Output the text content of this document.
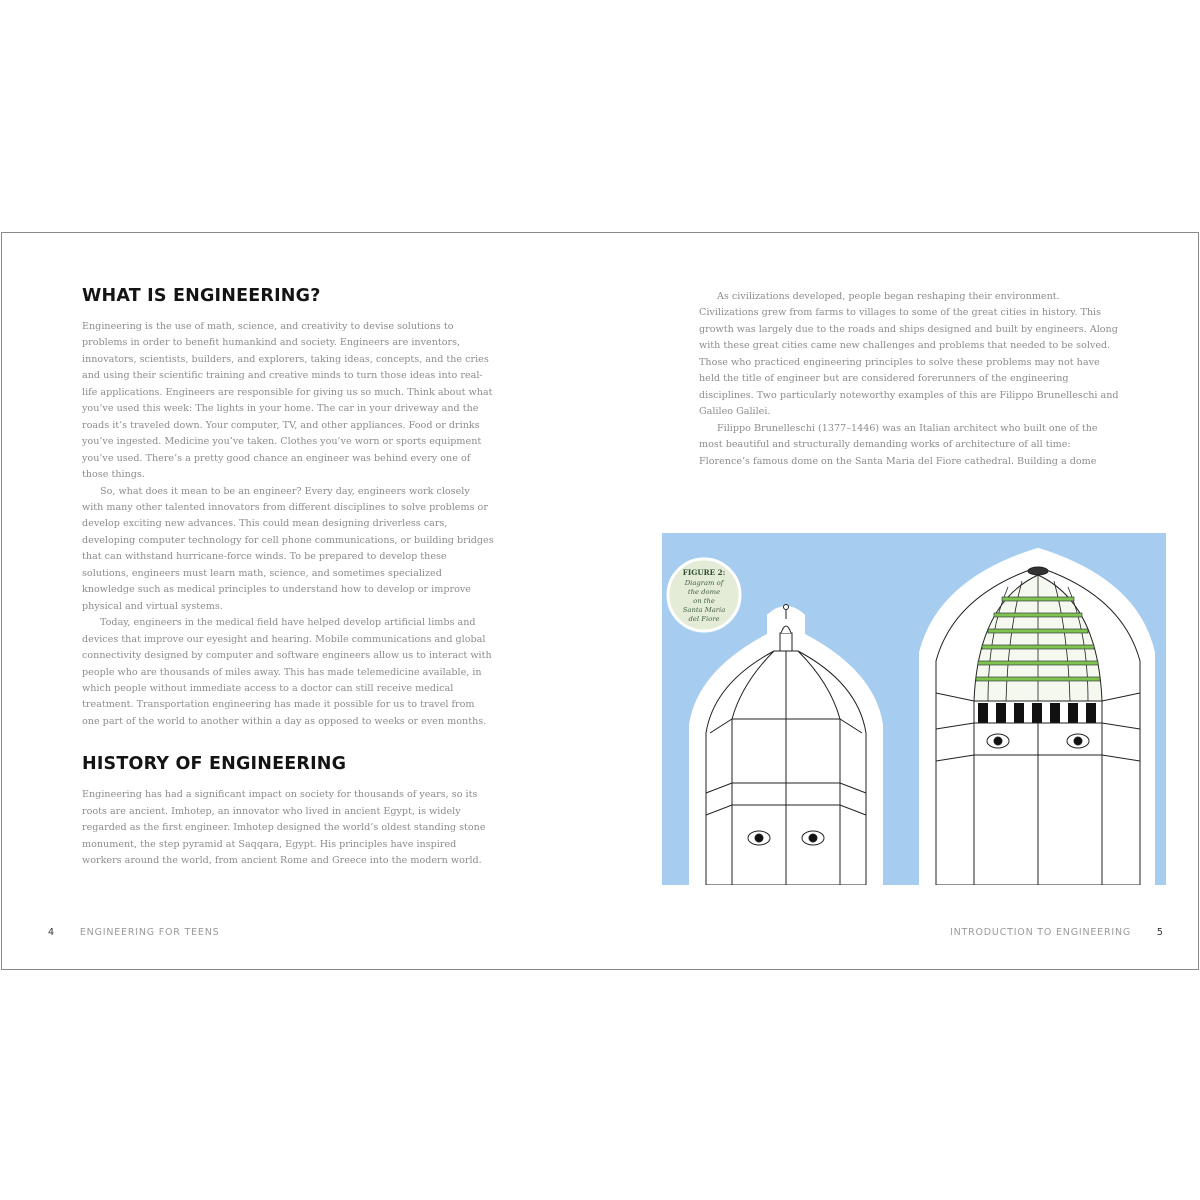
WHAT IS ENGINEERING?

Engineering is the use of math, science, and creativity to devise solutions to problems in order to benefit humankind and society. Engineers are inventors, innovators, scientists, builders, and explorers, taking ideas, concepts, and the cries and using their scientific training and creative minds to turn those ideas into real-life applications. Engineers are responsible for giving us so much. Think about what you’ve used this week: The lights in your home. The car in your driveway and the roads it’s traveled down. Your computer, TV, and other appliances. Food or drinks you’ve ingested. Medicine you’ve taken. Clothes you’ve worn or sports equipment you’ve used. There’s a pretty good chance an engineer was behind every one of those things.

So, what does it mean to be an engineer? Every day, engineers work closely with many other talented innovators from different disciplines to solve problems or develop exciting new advances. This could mean designing driverless cars, developing computer technology for cell phone communications, or building bridges that can withstand hurricane-force winds. To be prepared to develop these solutions, engineers must learn math, science, and sometimes specialized knowledge such as medical principles to understand how to develop or improve physical and virtual systems.

Today, engineers in the medical field have helped develop artificial limbs and devices that improve our eyesight and hearing. Mobile communications and global connectivity designed by computer and software engineers allow us to interact with people who are thousands of miles away. This has made telemedicine available, in which people without immediate access to a doctor can still receive medical treatment. Transportation engineering has made it possible for us to travel from one part of the world to another within a day as opposed to weeks or even months.

HISTORY OF ENGINEERING

Engineering has had a significant impact on society for thousands of years, so its roots are ancient. Imhotep, an innovator who lived in ancient Egypt, is widely regarded as the first engineer. Imhotep designed the world’s oldest standing stone monument, the step pyramid at Saqqara, Egypt. His principles have inspired workers around the world, from ancient Rome and Greece into the modern world.

4	ENGINEERING FOR TEENS

As civilizations developed, people began reshaping their environment. Civilizations grew from farms to villages to some of the great cities in history. This growth was largely due to the roads and ships designed and built by engineers. Along with these great cities came new challenges and problems that needed to be solved. Those who practiced engineering principles to solve these problems may not have held the title of engineer but are considered forerunners of the engineering disciplines. Two particularly noteworthy examples of this are Filippo Brunelleschi and Galileo Galilei.

Filippo Brunelleschi (1377–1446) was an Italian architect who built one of the most beautiful and structurally demanding works of architecture of all time: Florence’s famous dome on the Santa Maria del Fiore cathedral. Building a dome

INTRODUCTION TO ENGINEERING	5
FIGURE 2:
Diagram of
the dome
on the
Santa Maria
del Fiore
